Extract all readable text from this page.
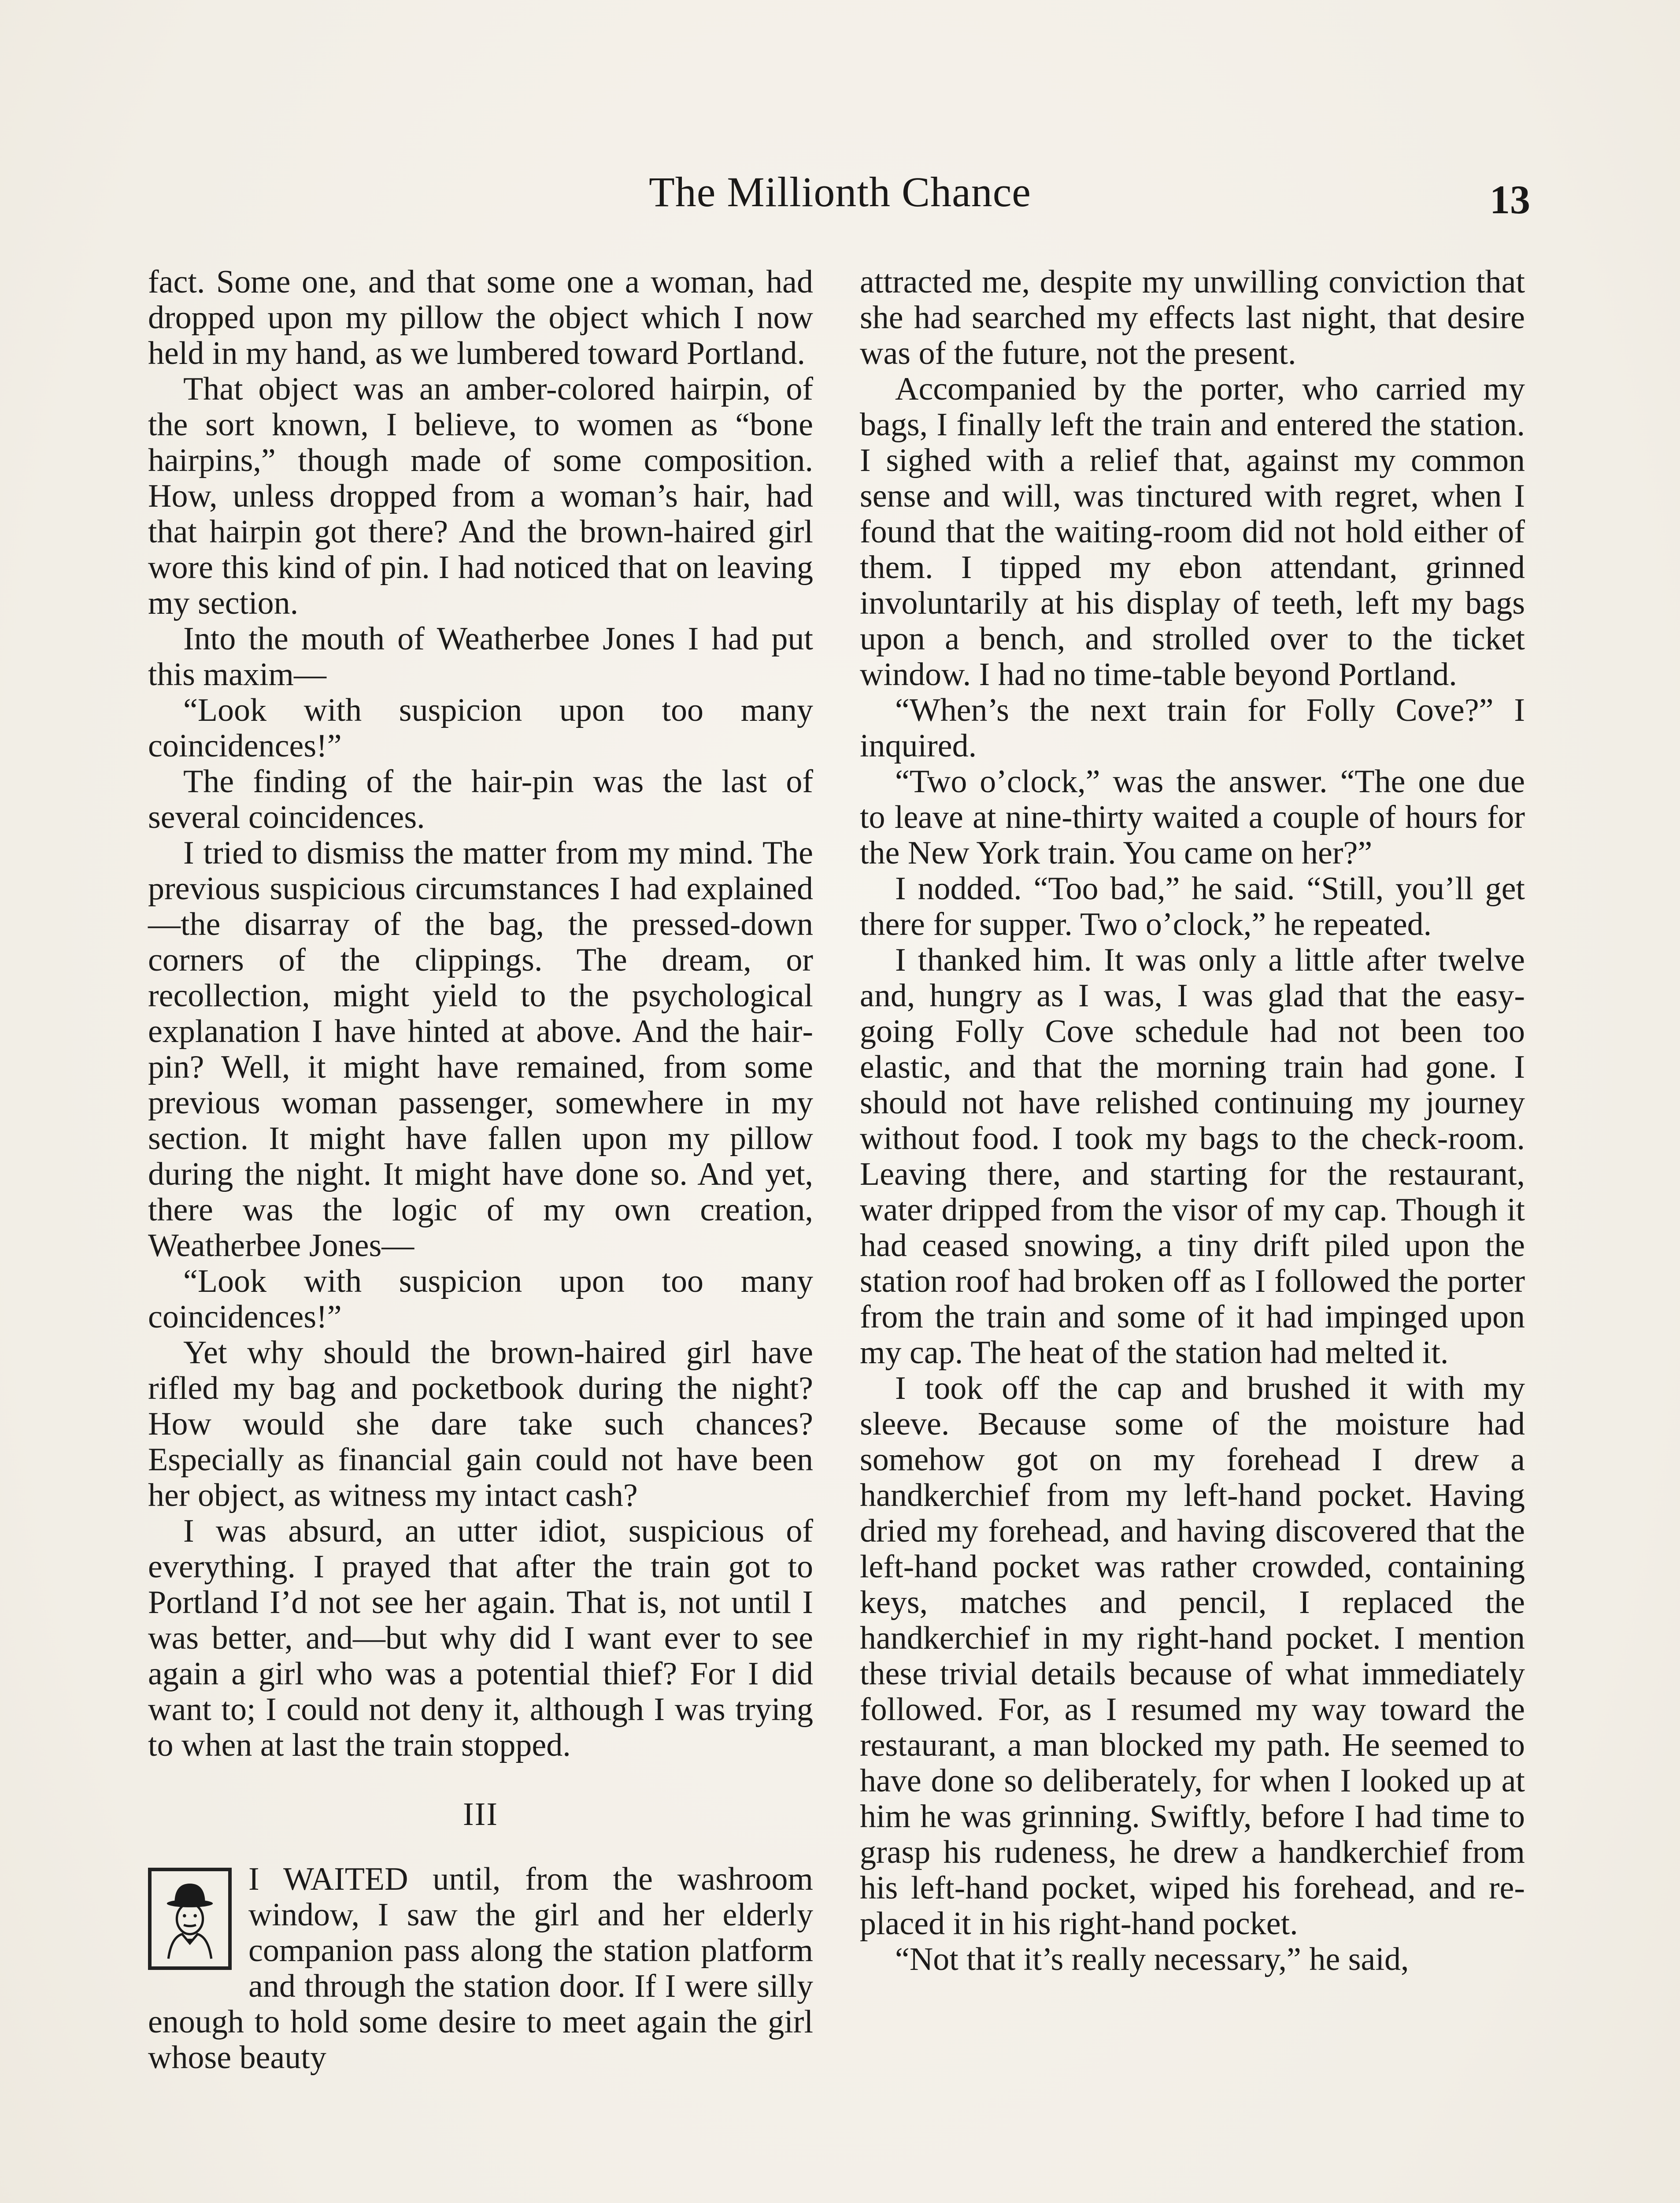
The Millionth Chance	13

fact. Some one, and that some one a woman, had dropped upon my pillow the object which I now held in my hand, as we lumbered toward Portland.

That object was an amber-colored hairpin, of the sort known, I believe, to women as “bone hairpins,” though made of some composition. How, unless dropped from a woman’s hair, had that hairpin got there? And the brown-haired girl wore this kind of pin. I had noticed that on leaving my section.

Into the mouth of Weatherbee Jones I had put this maxim—

“Look with suspicion upon too many coincidences!”

The finding of the hair-pin was the last of several coincidences.

I tried to dismiss the matter from my mind. The previous suspicious circumstances I had explained—the disarray of the bag, the pressed-down corners of the clippings. The dream, or recollection, might yield to the psychological explanation I have hinted at above. And the hairpin? Well, it might have remained, from some previous woman passenger, somewhere in my section. It might have fallen upon my pillow during the night. It might have done so. And yet, there was the logic of my own creation, Weatherbee Jones—

“Look with suspicion upon too many coincidences!”

Yet why should the brown-haired girl have rifled my bag and pocketbook during the night? How would she dare take such chances? Especially as financial gain could not have been her object, as witness my intact cash?

I was absurd, an utter idiot, suspicious of everything. I prayed that after the train got to Portland I’d not see her again. That is, not until I was better, and—but why did I want ever to see again a girl who was a potential thief? For I did want to; I could not deny it, although I was trying to when at last the train stopped.

III

I WAITED until, from the washroom window, I saw the girl and her elderly companion pass along the station platform and through the station door. If I were silly enough to hold some desire to meet again the girl whose beauty

attracted me, despite my unwilling conviction that she had searched my effects last night, that desire was of the future, not the present.

Accompanied by the porter, who carried my bags, I finally left the train and entered the station. I sighed with a relief that, against my common sense and will, was tinctured with regret, when I found that the waiting-room did not hold either of them. I tipped my ebon attendant, grinned involuntarily at his display of teeth, left my bags upon a bench, and strolled over to the ticket window. I had no time-table beyond Portland.

“When’s the next train for Folly Cove?” I inquired.

“Two o’clock,” was the answer. “The one due to leave at nine-thirty waited a couple of hours for the New York train. You came on her?”

I nodded. “Too bad,” he said. “Still, you’ll get there for supper. Two o’clock,” he repeated.

I thanked him. It was only a little after twelve and, hungry as I was, I was glad that the easy-going Folly Cove schedule had not been too elastic, and that the morning train had gone. I should not have relished continuing my journey without food. I took my bags to the check-room. Leaving there, and starting for the restaurant, water dripped from the visor of my cap. Though it had ceased snowing, a tiny drift piled upon the station roof had broken off as I followed the porter from the train and some of it had impinged upon my cap. The heat of the station had melted it.

I took off the cap and brushed it with my sleeve. Because some of the moisture had somehow got on my forehead I drew a handkerchief from my left-hand pocket. Having dried my forehead, and having discovered that the left-hand pocket was rather crowded, containing keys, matches and pencil, I replaced the handkerchief in my right-hand pocket. I mention these trivial details because of what immediately followed. For, as I resumed my way toward the restaurant, a man blocked my path. He seemed to have done so deliberately, for when I looked up at him he was grinning. Swiftly, before I had time to grasp his rudeness, he drew a handkerchief from his left-hand pocket, wiped his forehead, and replaced it in his right-hand pocket.

“Not that it’s really necessary,” he said,
